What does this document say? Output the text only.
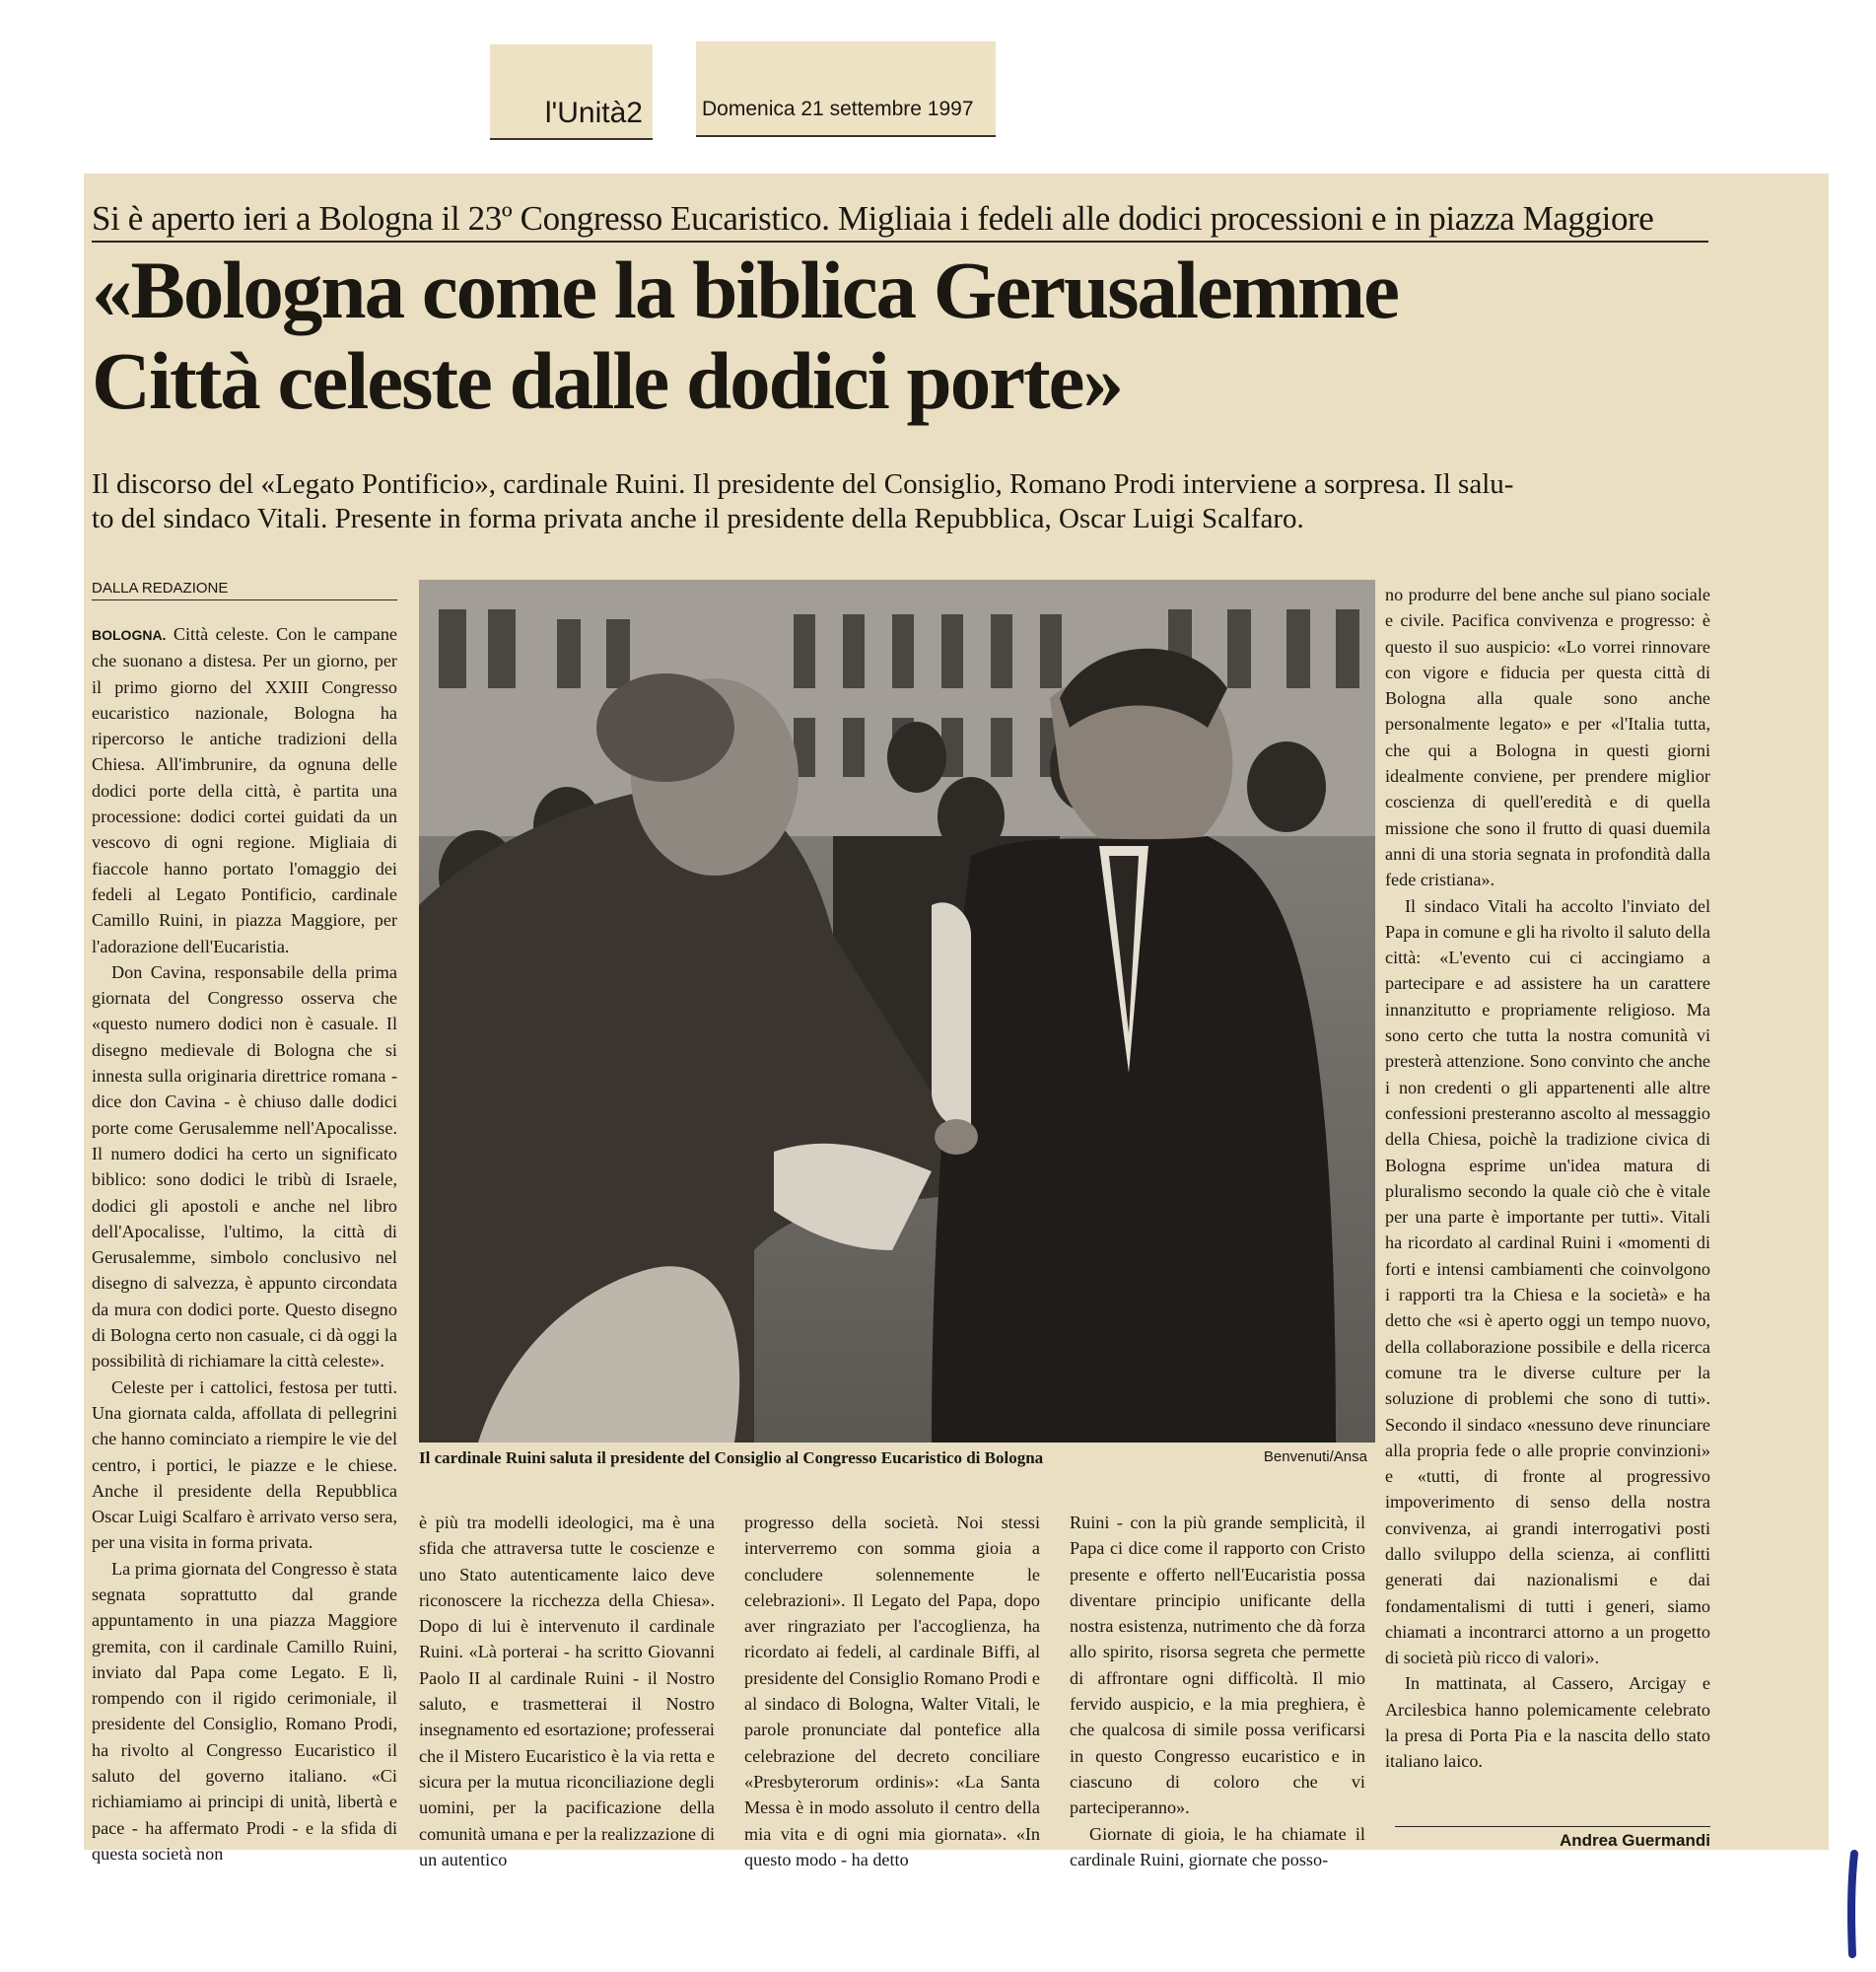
l'Unità2	Domenica 21 settembre 1997
Si è aperto ieri a Bologna il 23º Congresso Eucaristico. Migliaia i fedeli alle dodici processioni e in piazza Maggiore
«Bologna come la biblica Gerusalemme
Città celeste dalle dodici porte»
Il discorso del «Legato Pontificio», cardinale Ruini. Il presidente del Consiglio, Romano Prodi interviene a sorpresa. Il salu-
to del sindaco Vitali. Presente in forma privata anche il presidente della Repubblica, Oscar Luigi Scalfaro.
DALLA REDAZIONE

BOLOGNA. Città celeste. Con le campane che suonano a distesa. Per un giorno, per il primo giorno del XXIII Congresso eucaristico nazionale, Bologna ha ripercorso le antiche tradizioni della Chiesa. All'imbrunire, da ognuna delle dodici porte della città, è partita una processione: dodici cortei guidati da un vescovo di ogni regione. Migliaia di fiaccole hanno portato l'omaggio dei fedeli al Legato Pontificio, cardinale Camillo Ruini, in piazza Maggiore, per l'adorazione dell'Eucaristia.

Don Cavina, responsabile della prima giornata del Congresso osserva che «questo numero dodici non è casuale. Il disegno medievale di Bologna che si innesta sulla originaria direttrice romana - dice don Cavina - è chiuso dalle dodici porte come Gerusalemme nell'Apocalisse. Il numero dodici ha certo un significato biblico: sono dodici le tribù di Israele, dodici gli apostoli e anche nel libro dell'Apocalisse, l'ultimo, la città di Gerusalemme, simbolo conclusivo nel disegno di salvezza, è appunto circondata da mura con dodici porte. Questo disegno di Bologna certo non casuale, ci dà oggi la possibilità di richiamare la città celeste».

Celeste per i cattolici, festosa per tutti. Una giornata calda, affollata di pellegrini che hanno cominciato a riempire le vie del centro, i portici, le piazze e le chiese. Anche il presidente della Repubblica Oscar Luigi Scalfaro è arrivato verso sera, per una visita in forma privata.

La prima giornata del Congresso è stata segnata soprattutto dal grande appuntamento in una piazza Maggiore gremita, con il cardinale Camillo Ruini, inviato dal Papa come Legato. E lì, rompendo con il rigido cerimoniale, il presidente del Consiglio, Romano Prodi, ha rivolto al Congresso Eucaristico il saluto del governo italiano. «Ci richiamiamo ai principi di unità, libertà e pace - ha affermato Prodi - e la sfida di questa società non

Il cardinale Ruini saluta il presidente del Consiglio al Congresso Eucaristico di Bologna	Benvenuti/Ansa

è più tra modelli ideologici, ma è una sfida che attraversa tutte le coscienze e uno Stato autenticamente laico deve riconoscere la ricchezza della Chiesa». Dopo di lui è intervenuto il cardinale Ruini. «Là porterai - ha scritto Giovanni Paolo II al cardinale Ruini - il Nostro saluto, e trasmetterai il Nostro insegnamento ed esortazione; professerai che il Mistero Eucaristico è la via retta e sicura per la mutua riconciliazione degli uomini, per la pacificazione della comunità umana e per la realizzazione di un autentico

progresso della società. Noi stessi interverremo con somma gioia a concludere solennemente le celebrazioni». Il Legato del Papa, dopo aver ringraziato per l'accoglienza, ha ricordato ai fedeli, al cardinale Biffi, al presidente del Consiglio Romano Prodi e al sindaco di Bologna, Walter Vitali, le parole pronunciate dal pontefice alla celebrazione del decreto conciliare «Presbyterorum ordinis»: «La Santa Messa è in modo assoluto il centro della mia vita e di ogni mia giornata». «In questo modo - ha detto

Ruini - con la più grande semplicità, il Papa ci dice come il rapporto con Cristo presente e offerto nell'Eucaristia possa diventare principio unificante della nostra esistenza, nutrimento che dà forza allo spirito, risorsa segreta che permette di affrontare ogni difficoltà. Il mio fervido auspicio, e la mia preghiera, è che qualcosa di simile possa verificarsi in questo Congresso eucaristico e in ciascuno di coloro che vi parteciperanno».

Giornate di gioia, le ha chiamate il cardinale Ruini, giornate che posso-

no produrre del bene anche sul piano sociale e civile. Pacifica convivenza e progresso: è questo il suo auspicio: «Lo vorrei rinnovare con vigore e fiducia per questa città di Bologna alla quale sono anche personalmente legato» e per «l'Italia tutta, che qui a Bologna in questi giorni idealmente conviene, per prendere miglior coscienza di quell'eredità e di quella missione che sono il frutto di quasi duemila anni di una storia segnata in profondità dalla fede cristiana».

Il sindaco Vitali ha accolto l'inviato del Papa in comune e gli ha rivolto il saluto della città: «L'evento cui ci accingiamo a partecipare e ad assistere ha un carattere innanzitutto e propriamente religioso. Ma sono certo che tutta la nostra comunità vi presterà attenzione. Sono convinto che anche i non credenti o gli appartenenti alle altre confessioni presteranno ascolto al messaggio della Chiesa, poichè la tradizione civica di Bologna esprime un'idea matura di pluralismo secondo la quale ciò che è vitale per una parte è importante per tutti». Vitali ha ricordato al cardinal Ruini i «momenti di forti e intensi cambiamenti che coinvolgono i rapporti tra la Chiesa e la società» e ha detto che «si è aperto oggi un tempo nuovo, della collaborazione possibile e della ricerca comune tra le diverse culture per la soluzione di problemi che sono di tutti». Secondo il sindaco «nessuno deve rinunciare alla propria fede o alle proprie convinzioni» e «tutti, di fronte al progressivo impoverimento di senso della nostra convivenza, ai grandi interrogativi posti dallo sviluppo della scienza, ai conflitti generati dai nazionalismi e dai fondamentalismi di tutti i generi, siamo chiamati a incontrarci attorno a un progetto di società più ricco di valori».

In mattinata, al Cassero, Arcigay e Arcilesbica hanno polemicamente celebrato la presa di Porta Pia e la nascita dello stato italiano laico.

Andrea Guermandi
